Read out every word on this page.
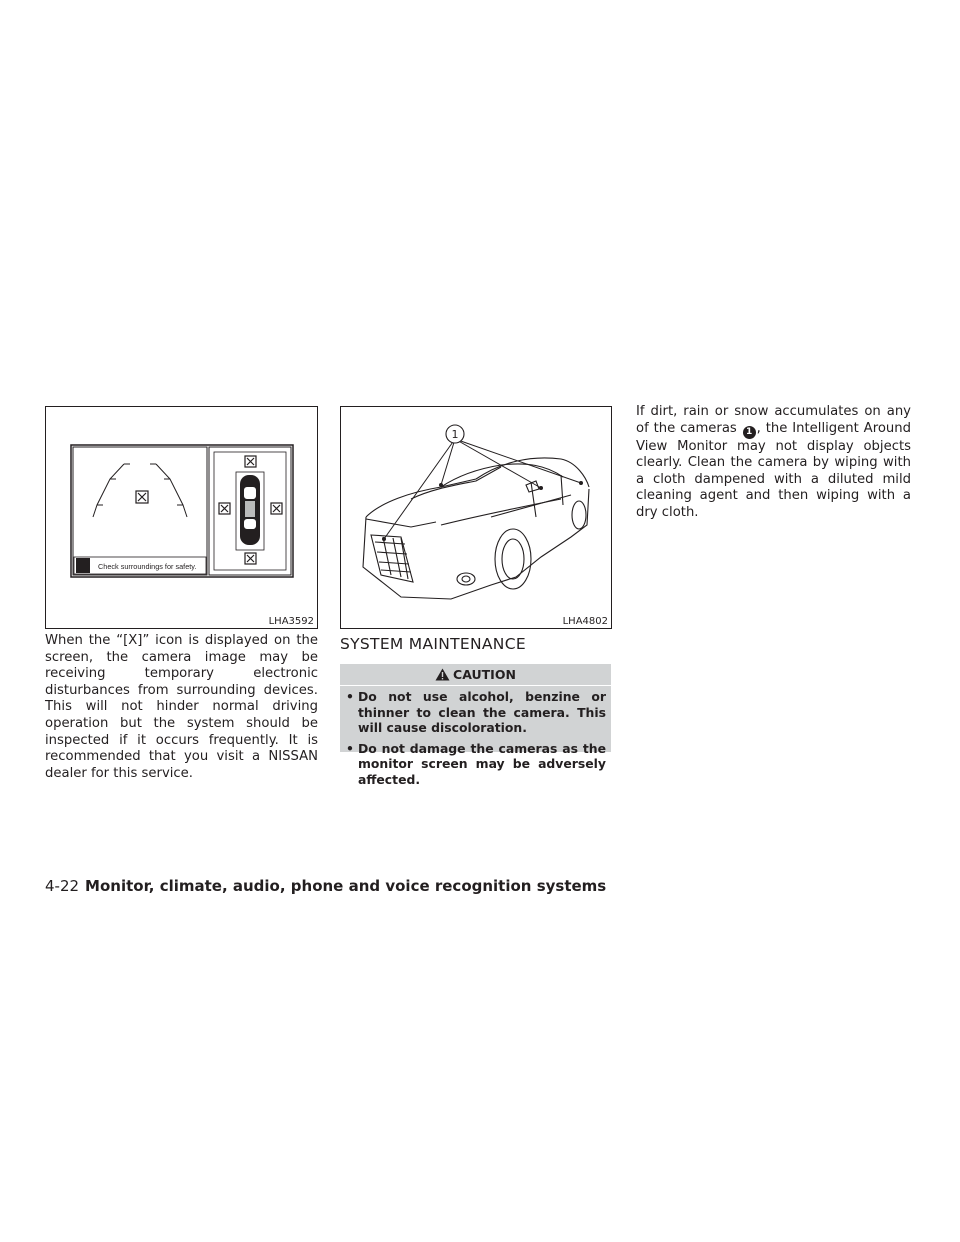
Check surroundings for safety.
LHA3592
1
LHA4802

When the “[X]” icon is displayed on the screen, the camera image may be receiving temporary electronic disturbances from surrounding devices. This will not hinder normal driving operation but the system should be inspected if it occurs frequently. It is recommended that you visit a NISSAN dealer for this service.

SYSTEM MAINTENANCE
CAUTION
• Do not use alcohol, benzine or thinner to clean the camera. This will cause discoloration.
• Do not damage the cameras as the monitor screen may be adversely affected.

If dirt, rain or snow accumulates on any of the cameras 1 , the Intelligent Around View Monitor may not display objects clearly. Clean the camera by wiping with a cloth dampened with a diluted mild cleaning agent and then wiping with a dry cloth.

4-22 Monitor, climate, audio, phone and voice recognition systems
